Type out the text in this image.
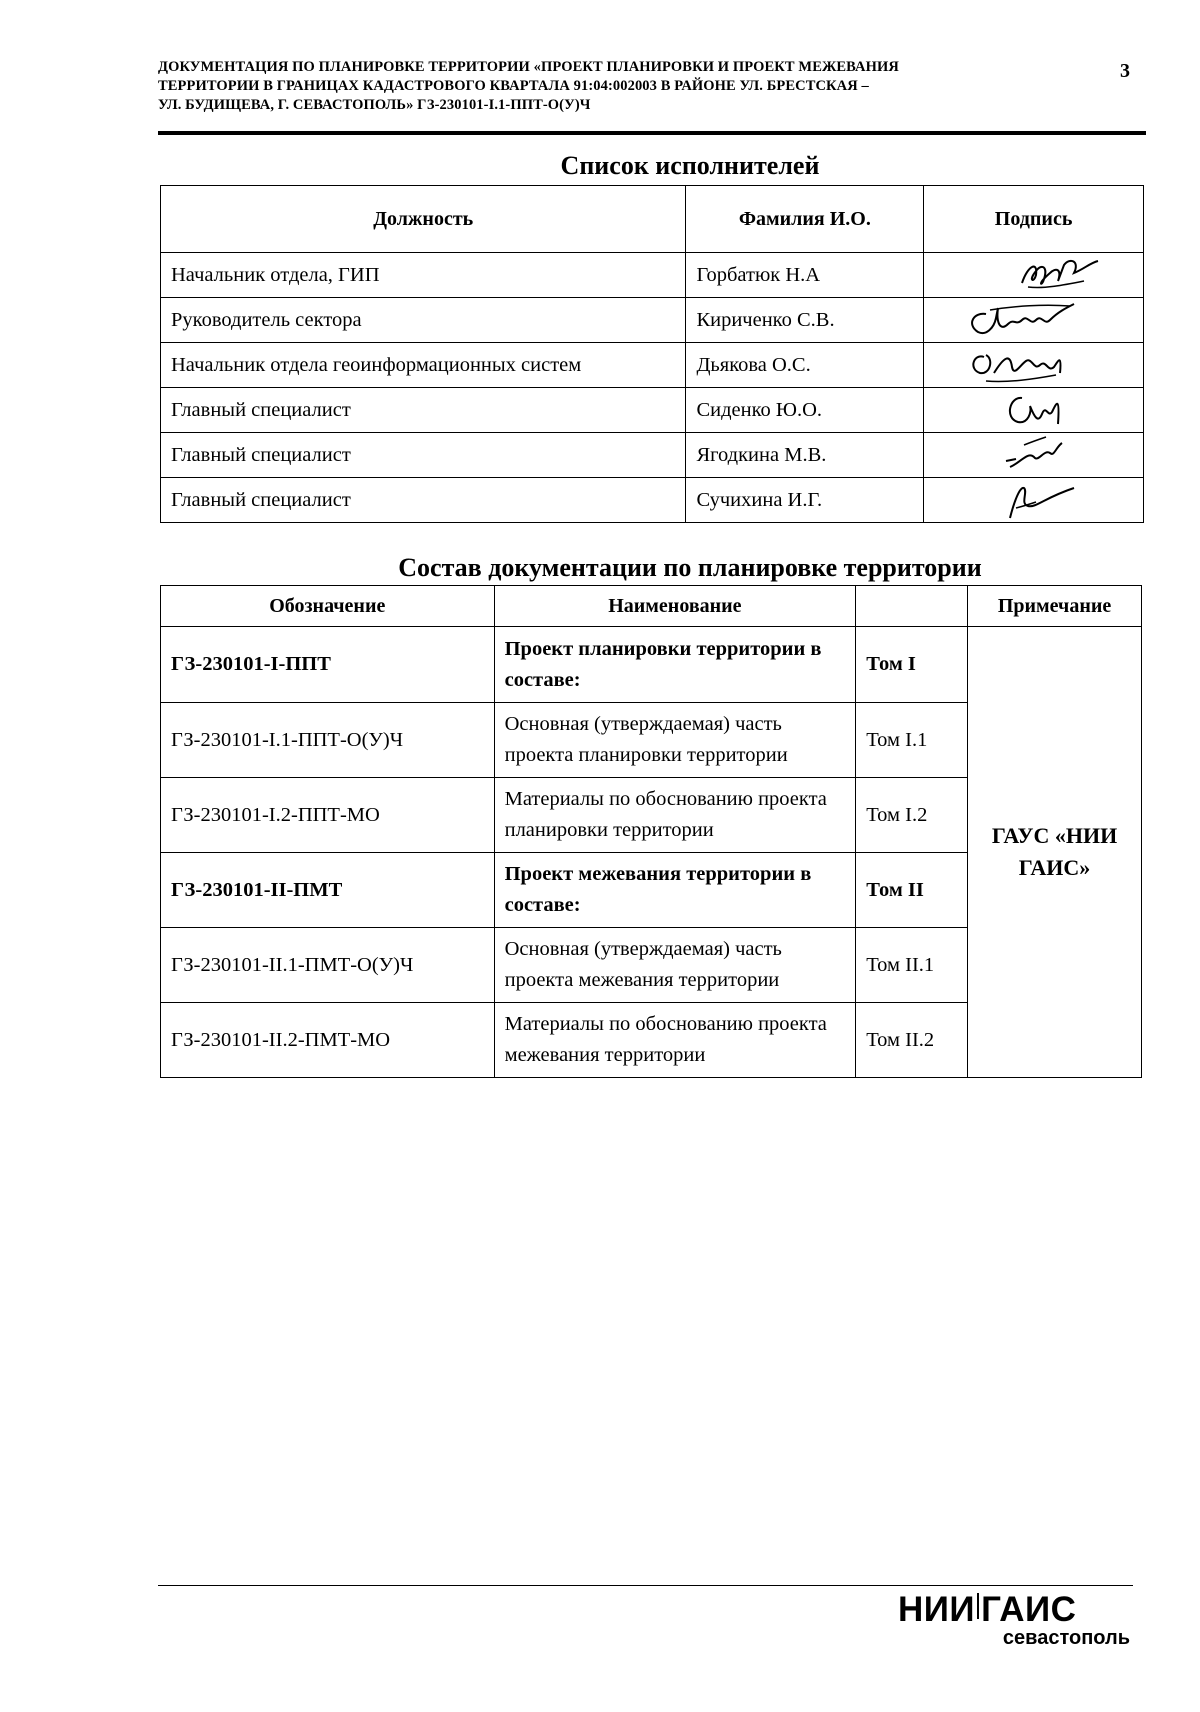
ДОКУМЕНТАЦИЯ ПО ПЛАНИРОВКЕ ТЕРРИТОРИИ «ПРОЕКТ ПЛАНИРОВКИ И ПРОЕКТ МЕЖЕВАНИЯ
ТЕРРИТОРИИ В ГРАНИЦАХ КАДАСТРОВОГО КВАРТАЛА 91:04:002003 В РАЙОНЕ УЛ. БРЕСТСКАЯ –
УЛ. БУДИЩЕВА, Г. СЕВАСТОПОЛЬ» ГЗ-230101-I.1-ППТ-О(У)Ч
3
Список исполнителей
Должность	Фамилия И.О.	Подпись
Начальник отдела, ГИП	Горбатюк Н.А	

Руководитель сектора	Кириченко С.В.	

Начальник отдела геоинформационных систем	Дьякова О.С.	

Главный специалист	Сиденко Ю.О.	

Главный специалист	Ягодкина М.В.	

Главный специалист	Сучихина И.Г.	
Состав документации по планировке территории
Обозначение	Наименование		Примечание
ГЗ-230101-I-ППТ	Проект планировки территории в составе:	Том I	ГАУС «НИИ ГАИС»
ГЗ-230101-I.1-ППТ-О(У)Ч	Основная (утверждаемая) часть проекта планировки территории	Том I.1	
ГЗ-230101-I.2-ППТ-МО	Материалы по обоснованию проекта планировки территории	Том I.2	
ГЗ-230101-II-ПМТ	Проект межевания территории в составе:	Том II	
ГЗ-230101-II.1-ПМТ-О(У)Ч	Основная (утверждаемая) часть проекта межевания территории	Том II.1	
ГЗ-230101-II.2-ПМТ-МО	Материалы по обоснованию проекта межевания территории	Том II.2	
НИИ ГАИС
севастополь
